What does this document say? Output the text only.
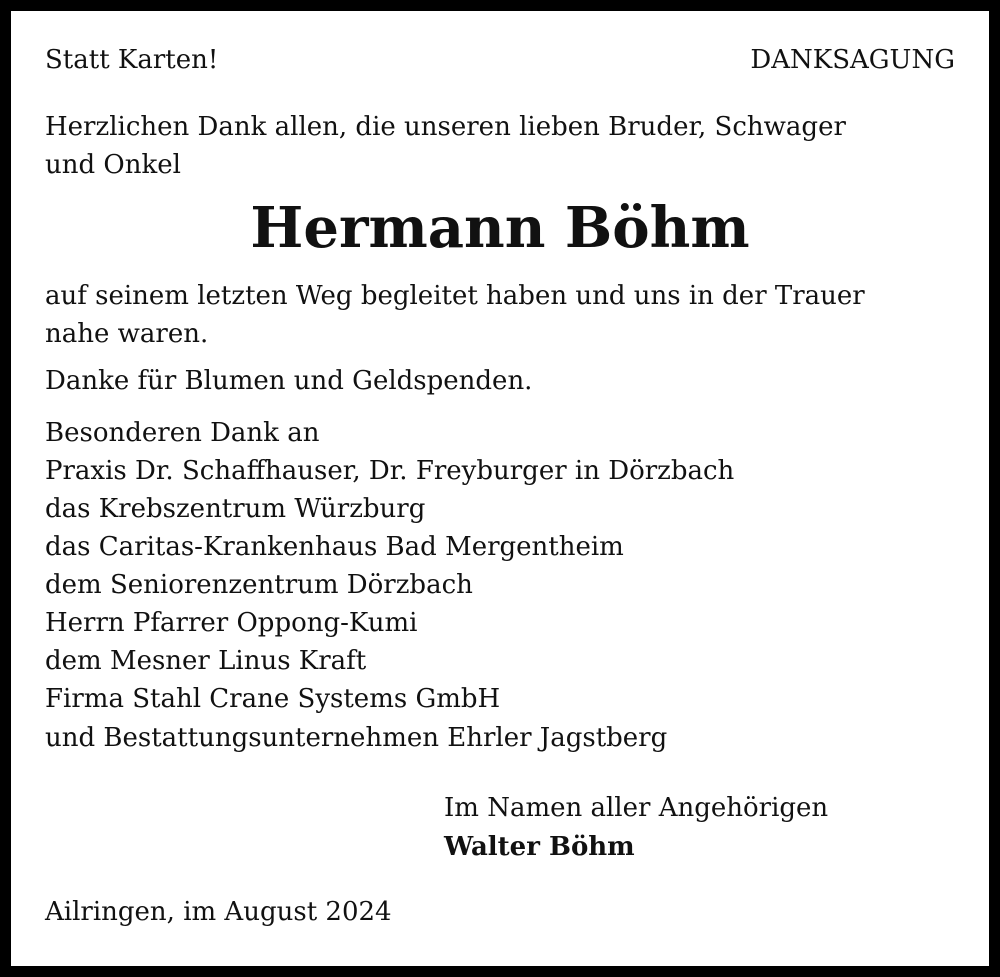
Statt Karten!	DANKSAGUNG
Herzlichen Dank allen, die unseren lieben Bruder, Schwager
und Onkel
Hermann Böhm
auf seinem letzten Weg begleitet haben und uns in der Trauer
nahe waren.
Danke für Blumen und Geldspenden.
Besonderen Dank an
Praxis Dr. Schaffhauser, Dr. Freyburger in Dörzbach
das Krebszentrum Würzburg
das Caritas-Krankenhaus Bad Mergentheim
dem Seniorenzentrum Dörzbach
Herrn Pfarrer Oppong-Kumi
dem Mesner Linus Kraft
Firma Stahl Crane Systems GmbH
und Bestattungsunternehmen Ehrler Jagstberg
Im Namen aller Angehörigen
Walter Böhm
Ailringen, im August 2024
